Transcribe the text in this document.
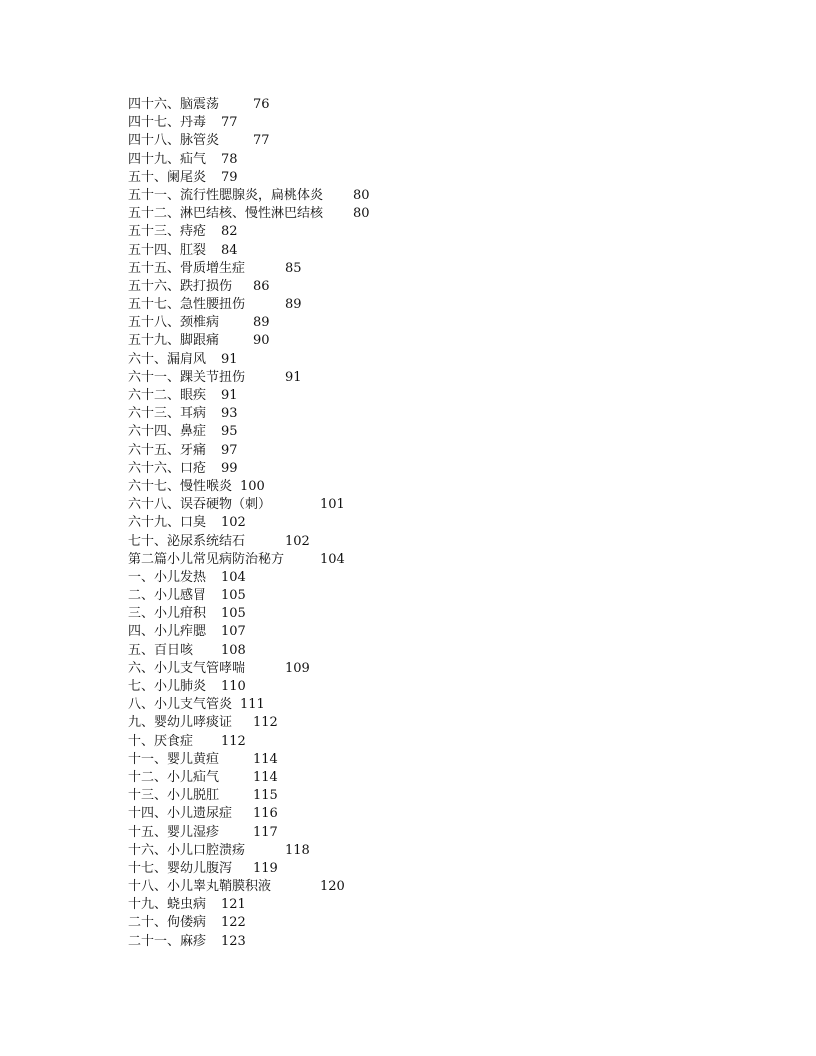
四十六、脑震荡	76
四十七、丹毒 77
四十八、脉管炎	77
四十九、疝气 78
五十、阑尾炎 79
五十一、流行性腮腺炎，扁桃体炎 80
五十二、淋巴结核、慢性淋巴结核 80
五十三、痔疮 82
五十四、肛裂 84
五十五、骨质增生症	85
五十六、跌打损伤 86
五十七、急性腰扭伤	89
五十八、颈椎病	89
五十九、脚跟痛	90
六十、漏肩风 91
六十一、踝关节扭伤	91
六十二、眼疾 91
六十三、耳病 93
六十四、鼻症 95
六十五、牙痛 97
六十六、口疮 99
六十七、慢性喉炎 100
六十八、误吞硬物（刺）	101
六十九、口臭 102
七十、泌尿系统结石	102
第二篇小儿常见病防治秘方	104
一、小儿发热 104
二、小儿感冒 105
三、小儿疳积 105
四、小儿痄腮 107
五、百日咳 108
六、小儿支气管哮喘	109
七、小儿肺炎 110
八、小儿支气管炎 111
九、婴幼儿哮痰证 112
十、厌食症 112
十一、婴儿黄疸	114
十二、小儿疝气	114
十三、小儿脱肛	115
十四、小儿遗尿症 116
十五、婴儿湿疹	117
十六、小儿口腔溃疡	118
十七、婴幼儿腹泻 119
十八、小儿睾丸鞘膜积液	120
十九、蛲虫病 121
二十、佝偻病 122
二十一、麻疹 123
